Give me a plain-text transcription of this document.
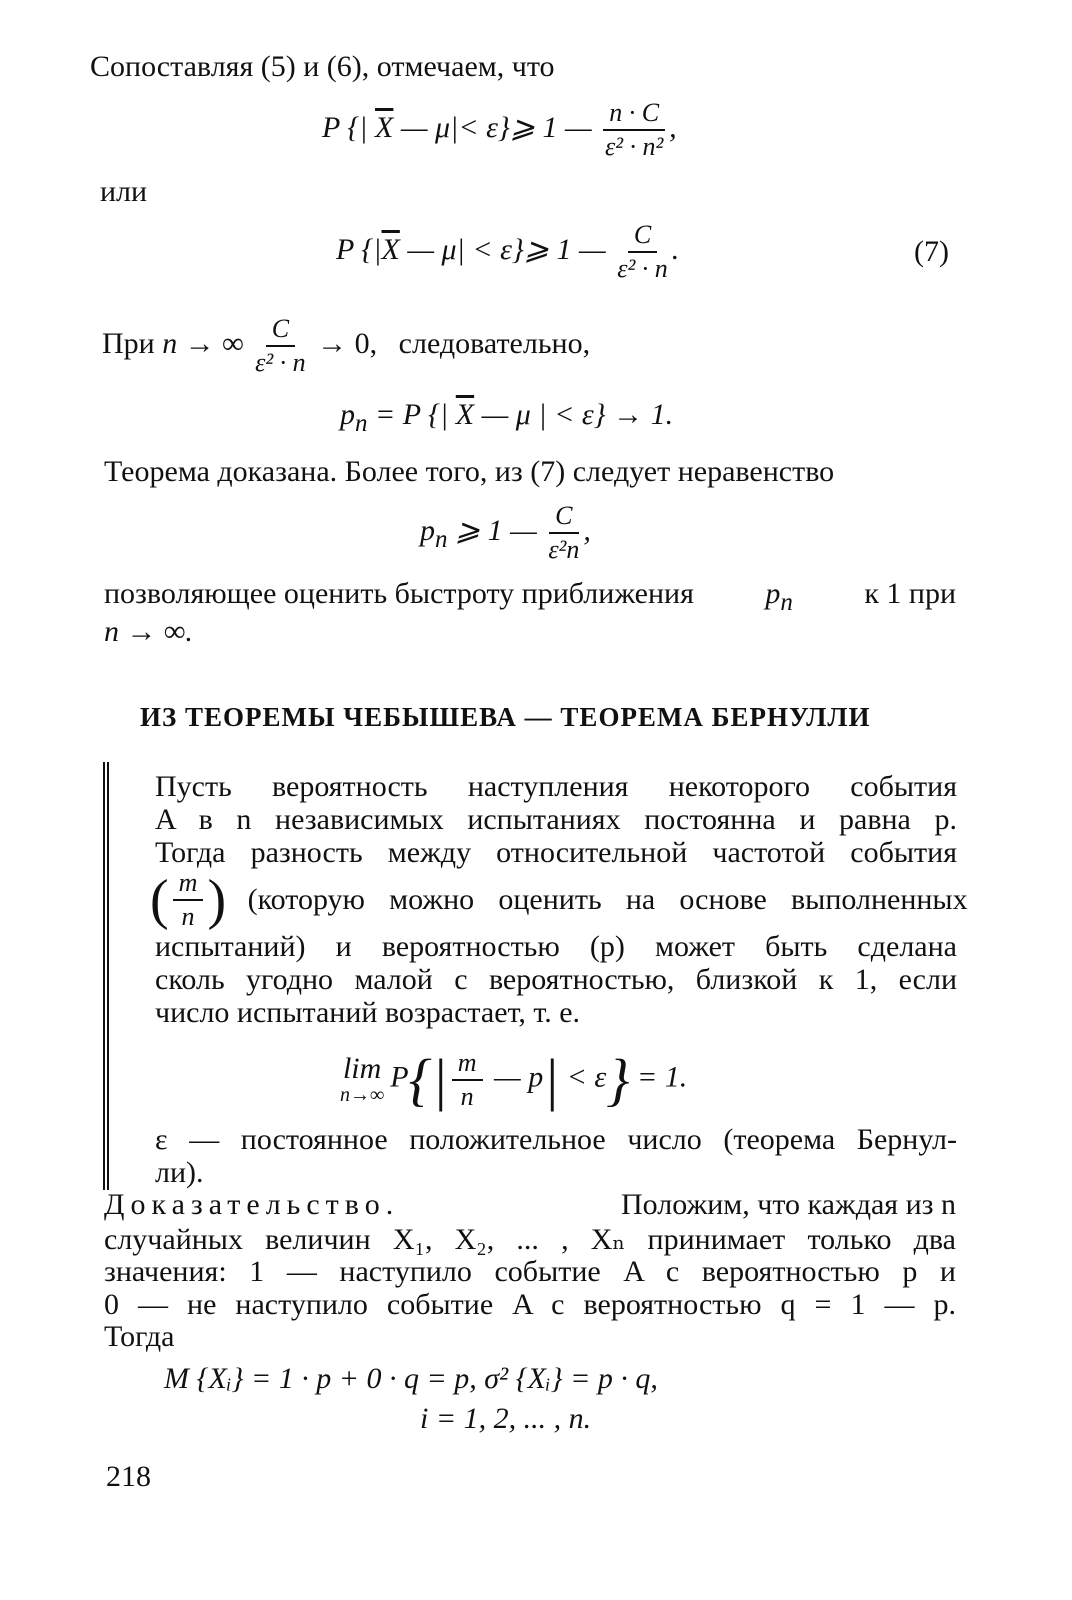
Сопоставляя (5) и (6), отмечаем, что
P {| $\overline{X}$ — μ|< ε}⩾ 1 — $\frac{n \cdot C}{\text{ε² · n²}}$ ,
или
P {$|\overline{X}$ — μ| < ε}⩾ 1 — $\frac{C}{\text{ε² · n}}$ .	(7)
При n → ∞ $\frac{C}{\text{ε² · n}} \to 0$, следовательно,
$p_n = P$ {| $\overline{X}$ — μ | < ε} → 1.
Теорема доказана. Более того, из (7) следует неравенство
$p_n$ ⩾ 1 — $\frac{C}{\text{ε²n}}$ ,
позволяющее оценить быстроту приближения $p_n$ к 1 при
n → ∞.
ИЗ ТЕОРЕМЫ ЧЕБЫШЕВА — ТЕОРЕМА БЕРНУЛЛИ
Пусть вероятность наступления некоторого события
A в n независимых испытаниях постоянна и равна p.
Тогда разность между относительной частотой события
( $\frac{m}{n}$ ) (которую можно оценить на основе выполненных
испытаний) и вероятностью (p) может быть сделана
сколь угодно малой с вероятностью, близкой к 1, если
число испытаний возрастает, т. е.
lim
n→∞
$P\{| \frac{m}{n}$ — p| < ε} = 1.
ε — постоянное положительное число (теорема Бернул-
ли).
Доказательство.	Положим, что каждая из n
случайных величин X₁, X₂, ... , Xₙ принимает только два
значения: 1 — наступило событие A с вероятностью p и
0 — не наступило событие A с вероятностью q = 1 — p.
Тогда
M {Xᵢ} = 1 · p + 0 · q = p, σ² {Xᵢ} = p · q,
i = 1, 2, ... , n.
218
